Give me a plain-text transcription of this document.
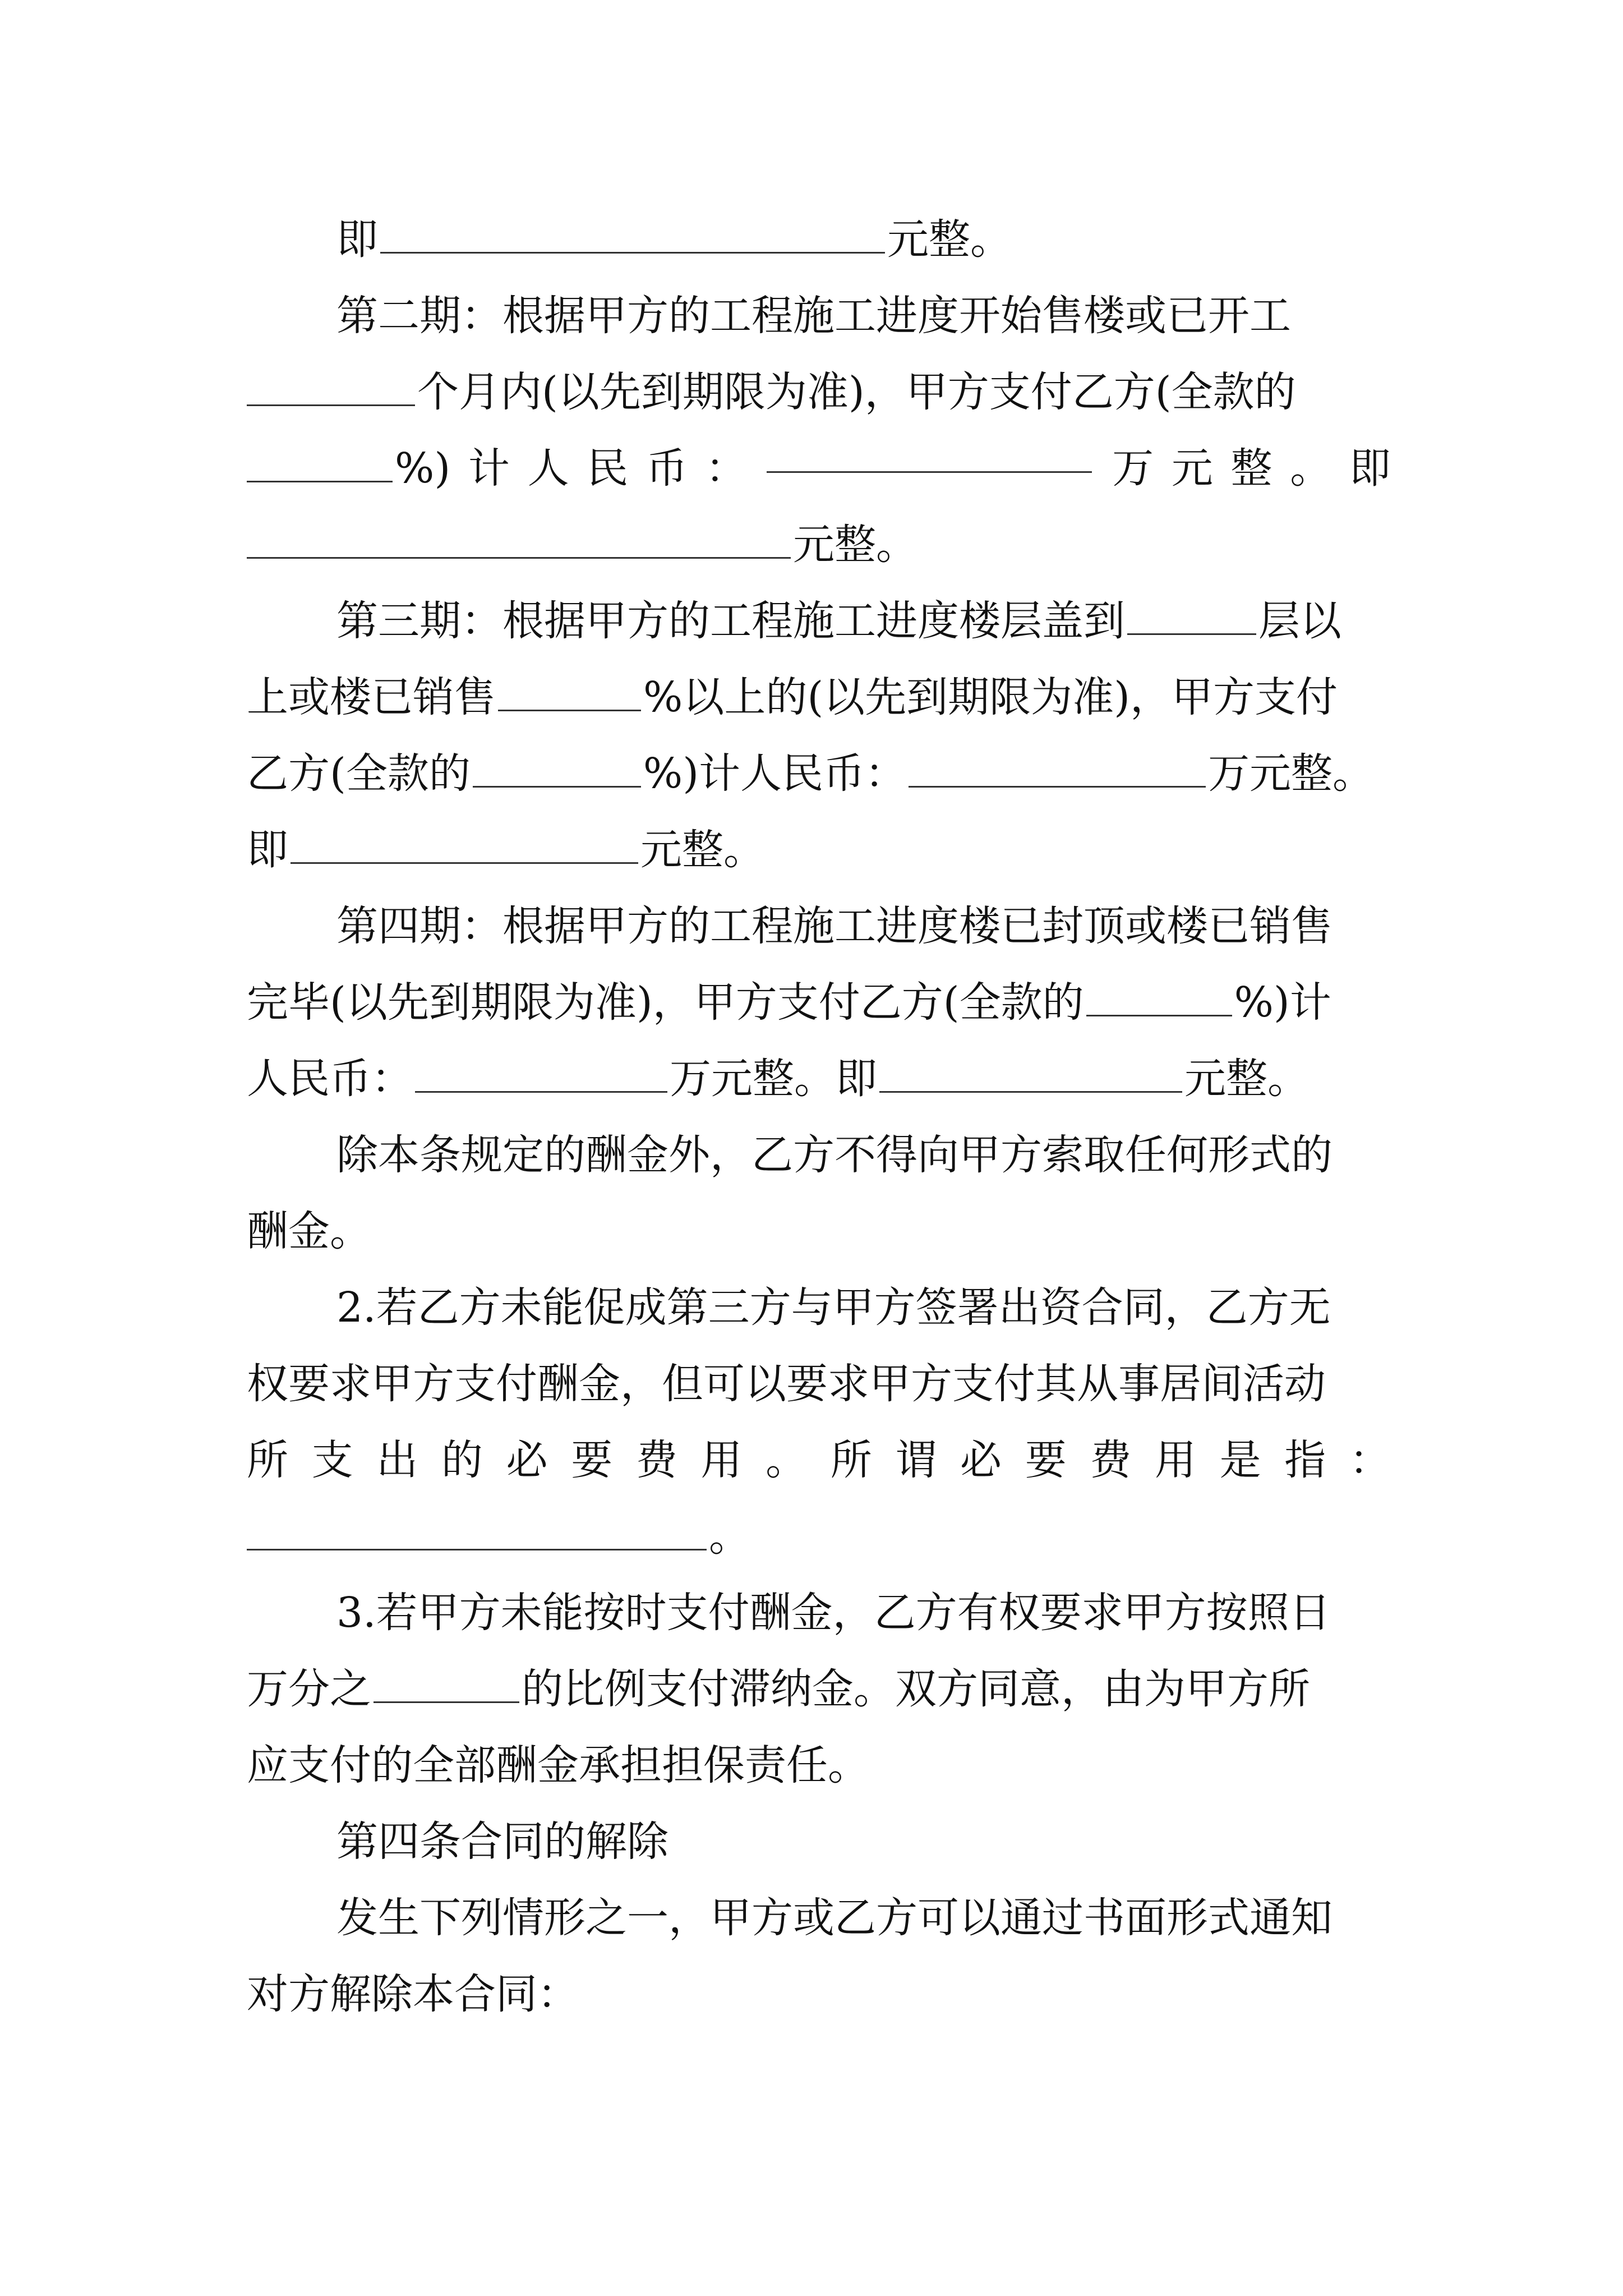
即	元整。
第二期：根据甲方的工程施工进度开始售楼或已开工
个月内(以先到期限为准)，甲方支付乙方(全款的
%) 计 人 民 币 ：	万 元 整 。 即
元整。
第三期：根据甲方的工程施工进度楼层盖到	层以
上或楼已销售	%以上的(以先到期限为准)，甲方支付
乙方(全款的	%)计人民币：	万元整。
即	元整。
第四期：根据甲方的工程施工进度楼已封顶或楼已销售
完毕(以先到期限为准)，甲方支付乙方(全款的	%)计
人民币：	万元整。即	元整。
除本条规定的酬金外，乙方不得向甲方索取任何形式的
酬金。
2.若乙方未能促成第三方与甲方签署出资合同，乙方无
权要求甲方支付酬金，但可以要求甲方支付其从事居间活动
所 支 出 的 必 要 费 用 。 所 谓 必 要 费 用 是 指 ：
。
3.若甲方未能按时支付酬金，乙方有权要求甲方按照日
万分之	的比例支付滞纳金。双方同意，由为甲方所
应支付的全部酬金承担担保责任。
第四条合同的解除
发生下列情形之一，甲方或乙方可以通过书面形式通知
对方解除本合同：
